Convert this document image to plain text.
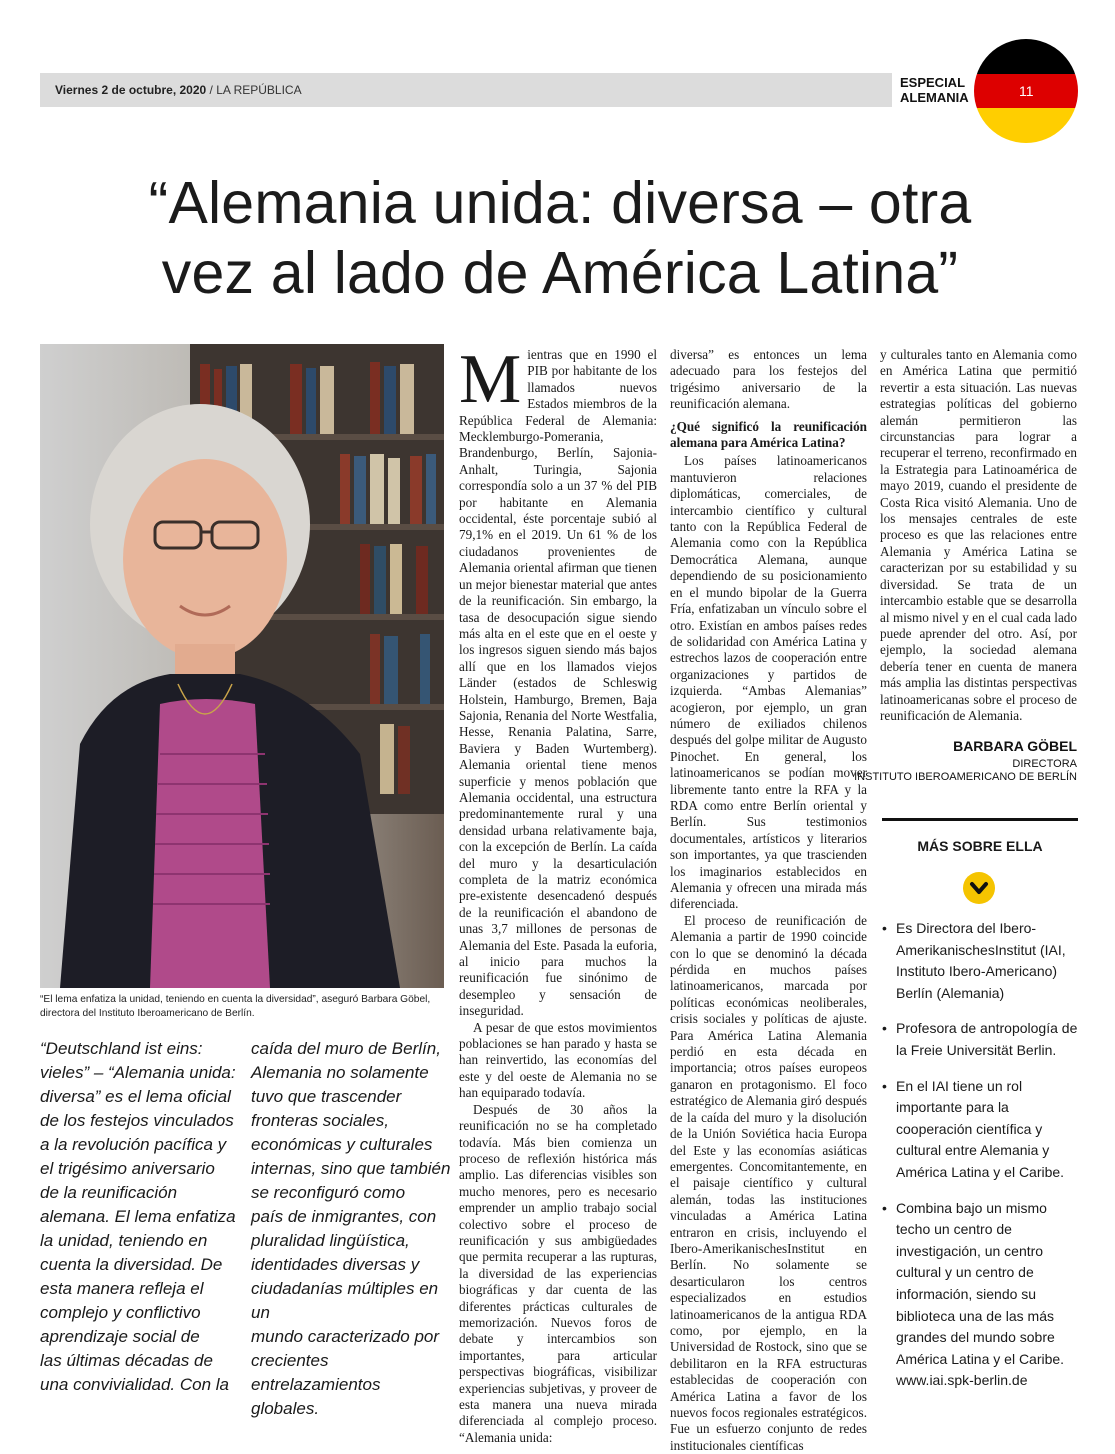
Viernes 2 de octubre, 2020 / LA REPÚBLICA	ESPECIAL
ALEMANIA	11
“Alemania unida: diversa – otra
vez al lado de América Latina”
“El lema enfatiza la unidad, teniendo en cuenta la diversidad”, aseguró Barbara Göbel,
directora del Instituto Iberoamericano de Berlín.
“Deutschland ist eins:
vieles” – “Alemania unida:
diversa” es el lema oficial
de los festejos vinculados
a la revolución pacífica y
el trigésimo aniversario
de la reunificación
alemana. El lema enfatiza
la unidad, teniendo en
cuenta la diversidad. De
esta manera refleja el
complejo y conflictivo
aprendizaje social de
las últimas décadas de
una convivialidad. Con la
caída del muro de Berlín,
Alemania no solamente
tuvo que trascender
fronteras sociales,
económicas y culturales
internas, sino que también
se reconfiguró como
país de inmigrantes, con
pluralidad lingüística,
identidades diversas y
ciudadanías múltiples en un
mundo caracterizado por
crecientes entrelazamientos
globales.

Mientras que en 1990 el PIB por habitante de los llamados nuevos Estados miembros de la República Federal de Alemania: Mecklemburgo-Pomerania, Brandenburgo, Berlín, Sajonia-Anhalt, Turingia, Sajonia correspondía solo a un 37 % del PIB por habitante en Alemania occidental, éste porcentaje subió al 79,1% en el 2019. Un 61 % de los ciudadanos provenientes de Alemania oriental afirman que tienen un mejor bienestar material que antes de la reunificación. Sin embargo, la tasa de desocupación sigue siendo más alta en el este que en el oeste y los ingresos siguen siendo más bajos allí que en los llamados viejos Länder (estados de Schleswig Holstein, Hamburgo, Bremen, Baja Sajonia, Renania del Norte Westfalia, Hesse, Renania Palatina, Sarre, Baviera y Baden Wurtemberg). Alemania oriental tiene menos superficie y menos población que Alemania occidental, una estructura predominantemente rural y una densidad urbana relativamente baja, con la excepción de Berlín. La caída del muro y la desarticulación completa de la matriz económica pre-existente desencadenó después de la reunificación el abandono de unas 3,7 millones de personas de Alemania del Este. Pasada la euforia, al inicio para muchos la reunificación fue sinónimo de desempleo y sensación de inseguridad.

A pesar de que estos movimientos poblaciones se han parado y hasta se han reinvertido, las economías del este y del oeste de Alemania no se han equiparado todavía.

Después de 30 años la reunificación no se ha completado todavía. Más bien comienza un proceso de reflexión histórica más amplio. Las diferencias visibles son mucho menores, pero es necesario emprender un amplio trabajo social colectivo sobre el proceso de reunificación y sus ambigüedades que permita recuperar a las rupturas, la diversidad de las experiencias biográficas y dar cuenta de las diferentes prácticas culturales de memorización. Nuevos foros de debate y intercambios son importantes, para articular perspectivas biográficas, visibilizar experiencias subjetivas, y proveer de esta manera una nueva mirada diferenciada al complejo proceso. “Alemania unida:

diversa” es entonces un lema adecuado para los festejos del trigésimo aniversario de la reunificación alemana.

¿Qué significó la reunificación alemana para América Latina?

Los países latinoamericanos mantuvieron relaciones diplomáticas, comerciales, de intercambio científico y cultural tanto con la República Federal de Alemania como con la República Democrática Alemana, aunque dependiendo de su posicionamiento en el mundo bipolar de la Guerra Fría, enfatizaban un vínculo sobre el otro. Existían en ambos países redes de solidaridad con América Latina y estrechos lazos de cooperación entre organizaciones y partidos de izquierda. “Ambas Alemanias” acogieron, por ejemplo, un gran número de exiliados chilenos después del golpe militar de Augusto Pinochet. En general, los latinoamericanos se podían mover libremente tanto entre la RFA y la RDA como entre Berlín oriental y Berlín. Sus testimonios documentales, artísticos y literarios son importantes, ya que trascienden los imaginarios establecidos en Alemania y ofrecen una mirada más diferenciada.

El proceso de reunificación de Alemania a partir de 1990 coincide con lo que se denominó la década pérdida en muchos países latinoamericanos, marcada por políticas económicas neoliberales, crisis sociales y políticas de ajuste. Para América Latina Alemania perdió en esta década en importancia; otros países europeos ganaron en protagonismo. El foco estratégico de Alemania giró después de la caída del muro y la disolución de la Unión Soviética hacia Europa del Este y las economías asiáticas emergentes. Concomitantemente, en el paisaje científico y cultural alemán, todas las instituciones vinculadas a América Latina entraron en crisis, incluyendo el Ibero-AmerikanischesInstitut en Berlín. No solamente se desarticularon los centros especializados en estudios latinoamericanos de la antigua RDA como, por ejemplo, en la Universidad de Rostock, sino que se debilitaron en la RFA estructuras establecidas de cooperación con América Latina a favor de los nuevos focos regionales estratégicos. Fue un esfuerzo conjunto de redes institucionales científicas

y culturales tanto en Alemania como en América Latina que permitió revertir a esta situación. Las nuevas estrategias políticas del gobierno alemán permitieron las circunstancias para lograr a recuperar el terreno, reconfirmado en la Estrategia para Latinoamérica de mayo 2019, cuando el presidente de Costa Rica visitó Alemania. Uno de los mensajes centrales de este proceso es que las relaciones entre Alemania y América Latina se caracterizan por su estabilidad y su diversidad. Se trata de un intercambio estable que se desarrolla al mismo nivel y en el cual cada lado puede aprender del otro. Así, por ejemplo, la sociedad alemana debería tener en cuenta de manera más amplia las distintas perspectivas latinoamericanas sobre el proceso de reunificación de Alemania.

BARBARA GÖBEL
DIRECTORA
INSTITUTO IBEROAMERICANO DE BERLÍN
MÁS SOBRE ELLA
• Es Directora del Ibero-AmerikanischesInstitut (IAI, Instituto Ibero-Americano) Berlín (Alemania)
• Profesora de antropología de la Freie Universität Berlin.
• En el IAI tiene un rol importante para la cooperación científica y cultural entre Alemania y América Latina y el Caribe.
• Combina bajo un mismo techo un centro de investigación, un centro cultural y un centro de información, siendo su biblioteca una de las más grandes del mundo sobre América Latina y el Caribe. www.iai.spk-berlin.de
